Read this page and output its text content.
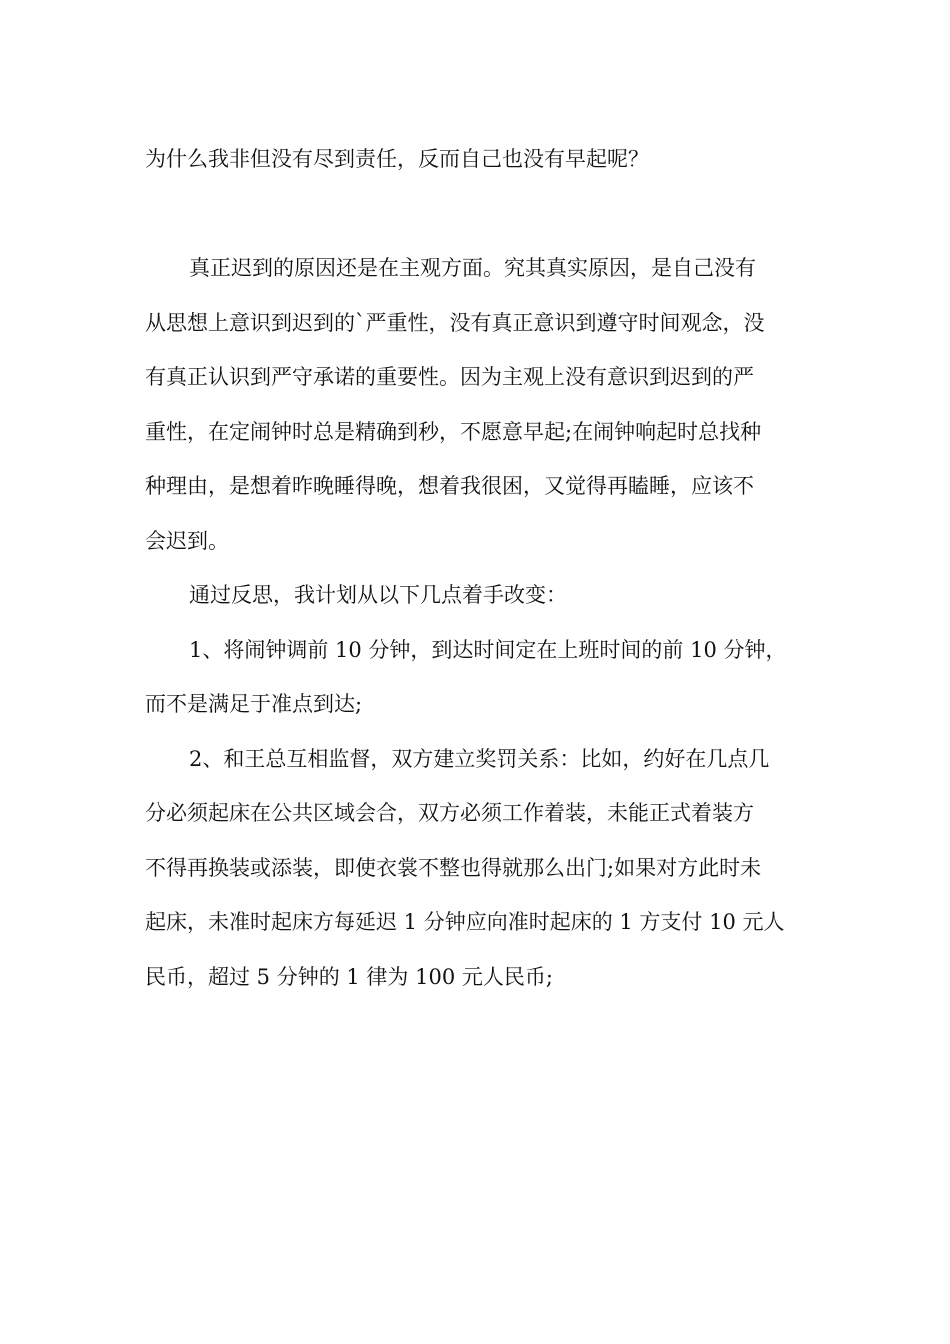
为什么我非但没有尽到责任，反而自己也没有早起呢？
真正迟到的原因还是在主观方面。究其真实原因，是自己没有
从思想上意识到迟到的`严重性，没有真正意识到遵守时间观念，没
有真正认识到严守承诺的重要性。因为主观上没有意识到迟到的严
重性，在定闹钟时总是精确到秒，不愿意早起;在闹钟响起时总找种
种理由，是想着昨晚睡得晚，想着我很困，又觉得再瞌睡，应该不
会迟到。
通过反思，我计划从以下几点着手改变：
1、将闹钟调前 10 分钟，到达时间定在上班时间的前 10 分钟，
而不是满足于准点到达;
2、和王总互相监督，双方建立奖罚关系：比如，约好在几点几
分必须起床在公共区域会合，双方必须工作着装，未能正式着装方
不得再换装或添装，即使衣裳不整也得就那么出门;如果对方此时未
起床，未准时起床方每延迟 1 分钟应向准时起床的 1 方支付 10 元人
民币，超过 5 分钟的 1 律为 100 元人民币;
